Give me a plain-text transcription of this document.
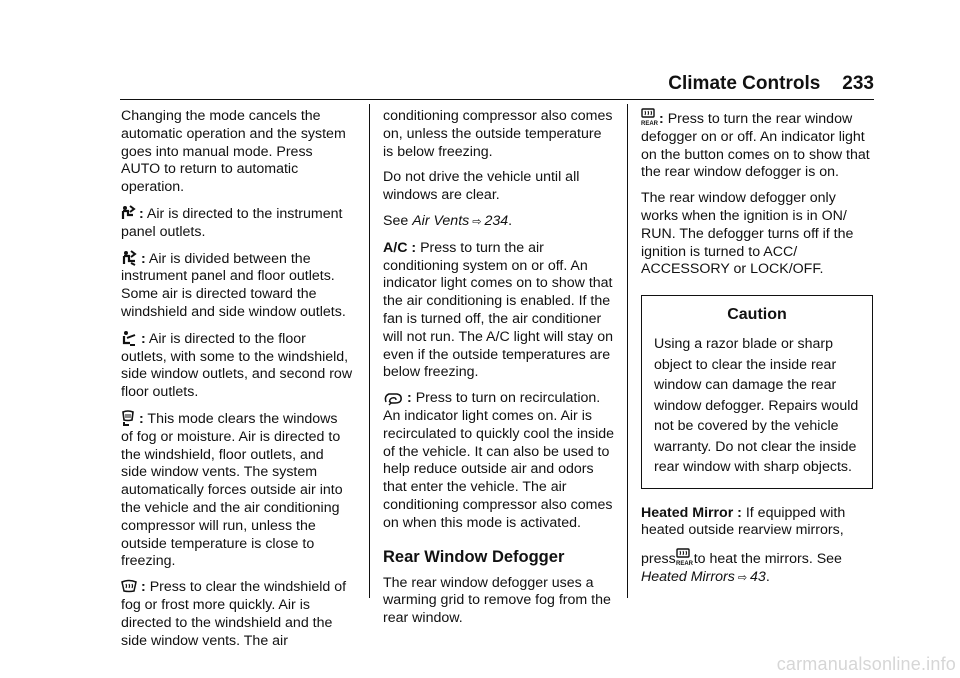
Climate Controls 233

Changing the mode cancels the automatic operation and the system goes into manual mode. Press AUTO to return to automatic operation.

: Air is directed to the instrument panel outlets.

: Air is divided between the instrument panel and floor outlets. Some air is directed toward the windshield and side window outlets.

: Air is directed to the floor outlets, with some to the windshield, side window outlets, and second row floor outlets.

: This mode clears the windows of fog or moisture. Air is directed to the windshield, floor outlets, and side window vents. The system automatically forces outside air into the vehicle and the air conditioning compressor will run, unless the outside temperature is close to freezing.

: Press to clear the windshield of fog or frost more quickly. Air is directed to the windshield and the side window vents. The air

conditioning compressor also comes on, unless the outside temperature is below freezing.

Do not drive the vehicle until all windows are clear.

See Air Vents ⇨ 234.

A/C : Press to turn the air conditioning system on or off. An indicator light comes on to show that the air conditioning is enabled. If the fan is turned off, the air conditioner will not run. The A/C light will stay on even if the outside temperatures are below freezing.

: Press to turn on recirculation. An indicator light comes on. Air is recirculated to quickly cool the inside of the vehicle. It can also be used to help reduce outside air and odors that enter the vehicle. The air conditioning compressor also comes on when this mode is activated.

Rear Window Defogger

The rear window defogger uses a warming grid to remove fog from the rear window.

REAR : Press to turn the rear window defogger on or off. An indicator light on the button comes on to show that the rear window defogger is on.

The rear window defogger only works when the ignition is in ON/ RUN. The defogger turns off if the ignition is turned to ACC/ ACCESSORY or LOCK/OFF.

Caution
Using a razor blade or sharp object to clear the inside rear window can damage the rear window defogger. Repairs would not be covered by the vehicle warranty. Do not clear the inside rear window with sharp objects.

Heated Mirror : If equipped with heated outside rearview mirrors,

press REAR to heat the mirrors. See
Heated Mirrors ⇨ 43.

carmanualsonline.info
